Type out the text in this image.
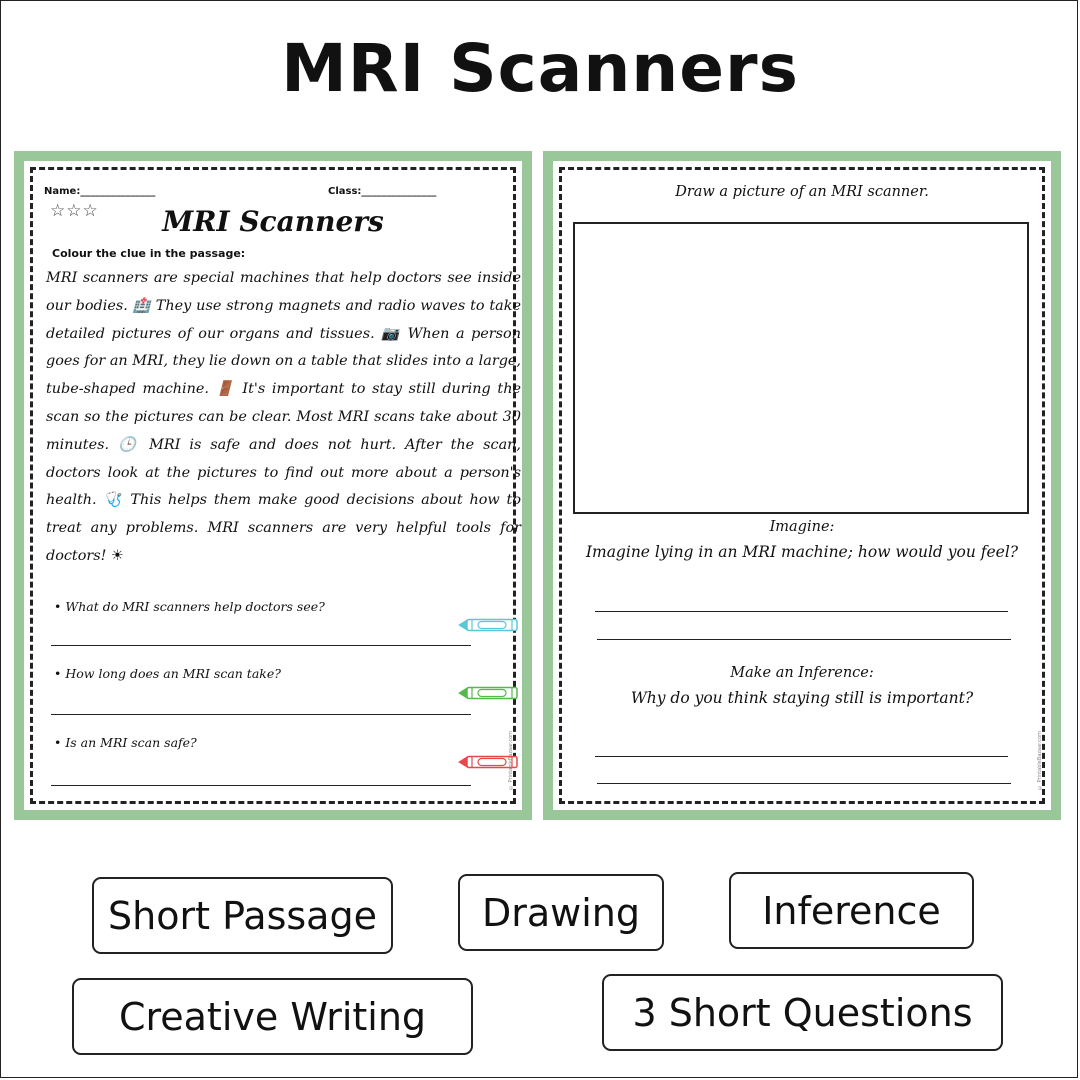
MRI Scanners
Name:_______________	Class:_______________
☆☆☆	MRI Scanners
Colour the clue in the passage:
MRI scanners are special machines that help doctors see inside our bodies. 🏥 They use strong magnets and radio waves to take detailed pictures of our organs and tissues. 📷 When a person goes for an MRI, they lie down on a table that slides into a large, tube-shaped machine. 🚪 It's important to stay still during the scan so the pictures can be clear. Most MRI scans take about 30 minutes. 🕒 MRI is safe and does not hurt. After the scan, doctors look at the pictures to find out more about a person's health. 🩺 This helps them make good decisions about how to treat any problems. MRI scanners are very helpful tools for doctors! ☀
• What do MRI scanners help doctors see?
• How long does an MRI scan take?
• Is an MRI scan safe?	© PrintableBazaar.com
Draw a picture of an MRI scanner.
Imagine:
Imagine lying in an MRI machine; how would you feel?
Make an Inference:
Why do you think staying still is important?
© PrintableBazaar.com
Short Passage	Drawing	Inference
Creative Writing	3 Short Questions
